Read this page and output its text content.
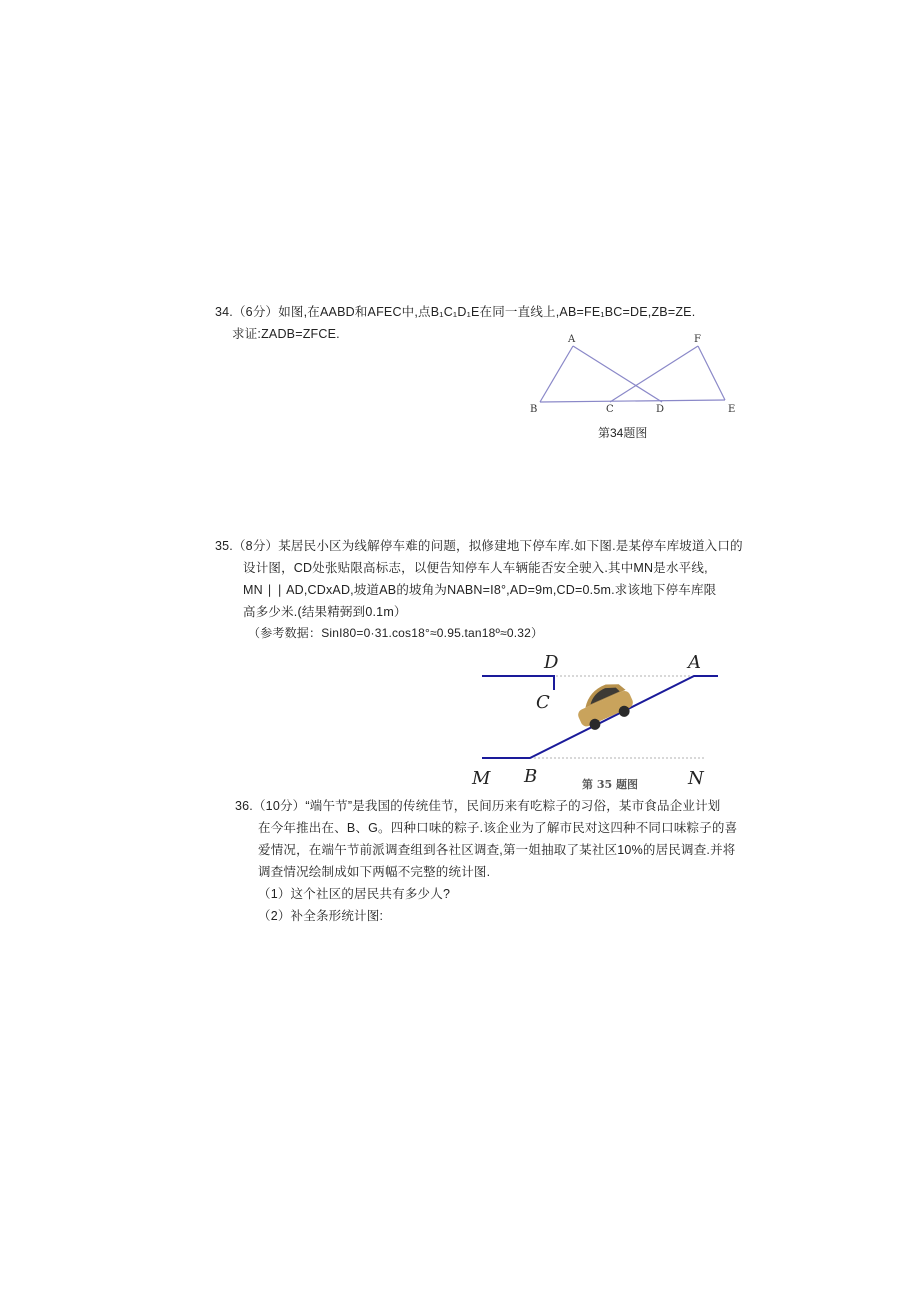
34.（6分）如图,在AABD和AFEC中,点B₁C₁D₁E在同一直线上,AB=FE₁BC=DE,ZB=ZE.
求证:ZADB=ZFCE.	A	F
B	C	D	E
第34题图
35.（8分）某居民小区为线解停车难的问题，拟修建地下停车库.如下图.是某停车库坡道入口的
设计图，CD处张贴限高标志，以便告知停车人车辆能否安全驶入.其中MN是水平线,
MN ∣ ∣ AD,CDxAD,坡道AB的坡角为NABN=I8°,AD=9m,CD=0.5m.求该地下停车库限
高多少米.(结果精弼到0.1m）
（参考数据：SinI80=0·31.cos18°≈0.95.tan18º≈0.32）
D	A
C
M B	N
第 35 题图
36.（10分）“端午节”是我国的传统佳节，民间历来有吃粽子的习俗，某市食品企业计划
在今年推出在、B、G。四种口味的粽子.该企业为了解市民对这四种不同口味粽子的喜
爱情况，在端午节前派调查组到各社区调查,第一姐抽取了某社区10%的居民调查.并将
调查情况绘制成如下两幅不完整的统计图.
（1）这个社区的居民共有多少人?
（2）补全条形统计图:
